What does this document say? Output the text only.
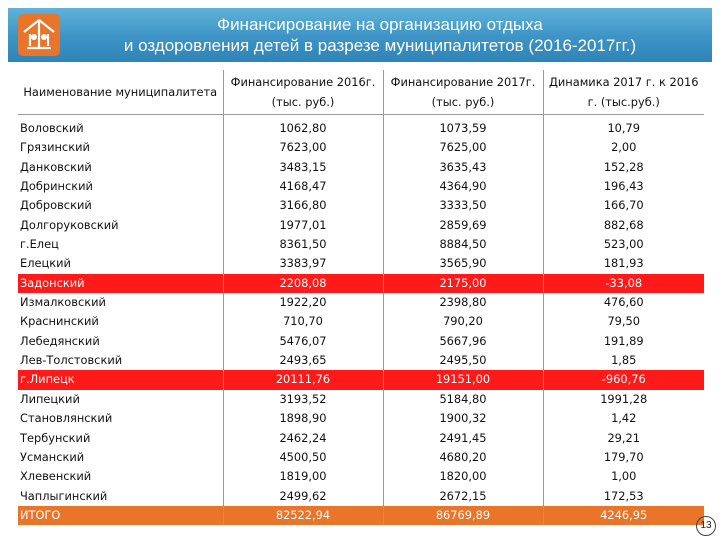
Финансирование на организацию отдыха
и оздоровления детей в разрезе муниципалитетов (2016-2017гг.)
Наименование муниципалитета	Финансирование 2016г. (тыс. руб.)	Финансирование 2017г. (тыс. руб.)	Динамика 2017 г. к 2016 г. (тыс.руб.)
Воловский	1062,80	1073,59	10,79
Грязинский	7623,00	7625,00	2,00
Данковский	3483,15	3635,43	152,28
Добринский	4168,47	4364,90	196,43
Добровский	3166,80	3333,50	166,70
Долгоруковский	1977,01	2859,69	882,68
г.Елец	8361,50	8884,50	523,00
Елецкий	3383,97	3565,90	181,93
Задонский	2208,08	2175,00	-33,08
Измалковский	1922,20	2398,80	476,60
Краснинский	710,70	790,20	79,50
Лебедянский	5476,07	5667,96	191,89
Лев-Толстовский	2493,65	2495,50	1,85
г.Липецк	20111,76	19151,00	-960,76
Липецкий	3193,52	5184,80	1991,28
Становлянский	1898,90	1900,32	1,42
Тербунский	2462,24	2491,45	29,21
Усманский	4500,50	4680,20	179,70
Хлевенский	1819,00	1820,00	1,00
Чаплыгинский	2499,62	2672,15	172,53
ИТОГО	82522,94	86769,89	4246,95
13
